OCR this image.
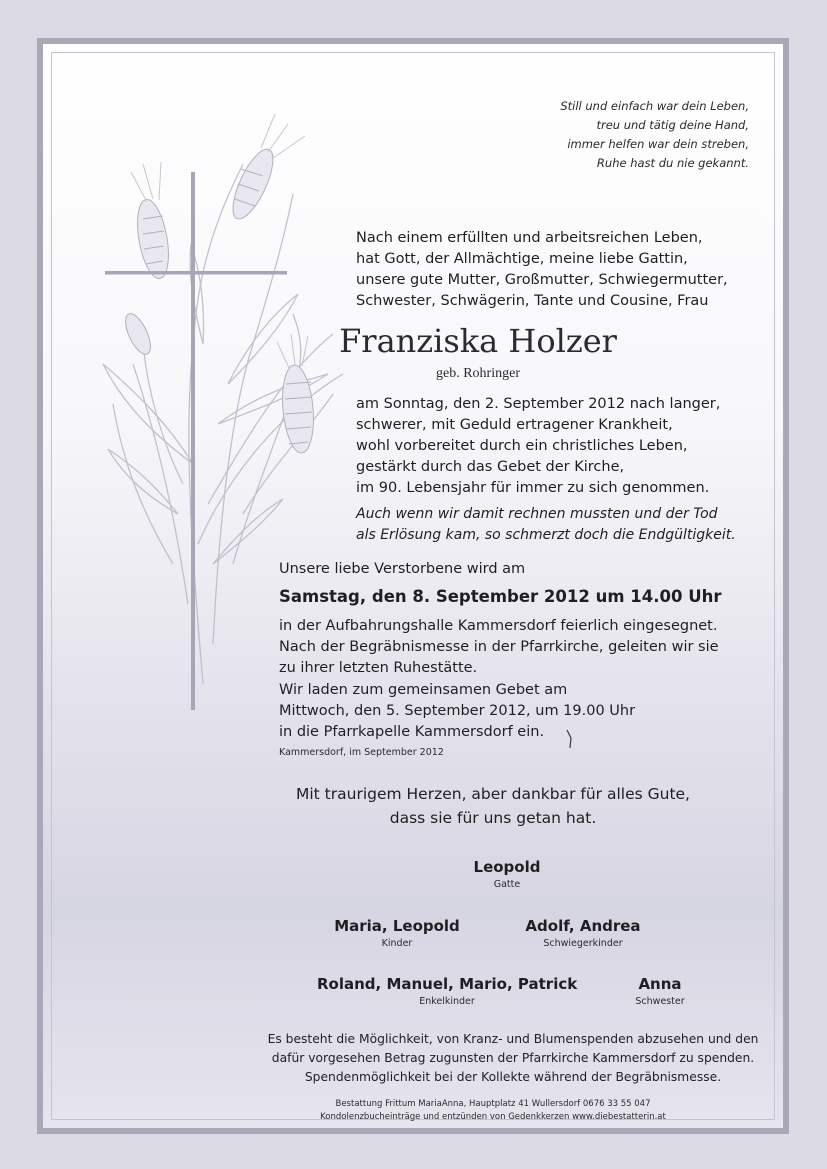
Still und einfach war dein Leben,
treu und tätig deine Hand,
immer helfen war dein streben,
Ruhe hast du nie gekannt.
Nach einem erfüllten und arbeitsreichen Leben,
hat Gott, der Allmächtige, meine liebe Gattin,
unsere gute Mutter, Großmutter, Schwiegermutter,
Schwester, Schwägerin, Tante und Cousine, Frau
Franziska Holzer
geb. Rohringer
am Sonntag, den 2. September 2012 nach langer,
schwerer, mit Geduld ertragener Krankheit,
wohl vorbereitet durch ein christliches Leben,
gestärkt durch das Gebet der Kirche,
im 90. Lebensjahr für immer zu sich genommen.
Auch wenn wir damit rechnen mussten und der Tod
als Erlösung kam, so schmerzt doch die Endgültigkeit.
Unsere liebe Verstorbene wird am
Samstag, den 8. September 2012 um 14.00 Uhr
in der Aufbahrungshalle Kammersdorf feierlich eingesegnet.
Nach der Begräbnismesse in der Pfarrkirche, geleiten wir sie
zu ihrer letzten Ruhestätte.
Wir laden zum gemeinsamen Gebet am
Mittwoch, den 5. September 2012, um 19.00 Uhr
in die Pfarrkapelle Kammersdorf ein.
Kammersdorf, im September 2012
Mit traurigem Herzen, aber dankbar für alles Gute,
dass sie für uns getan hat.
Leopold
Gatte
Maria, Leopold
Kinder
Adolf, Andrea
Schwiegerkinder
Roland, Manuel, Mario, Patrick
Enkelkinder
Anna
Schwester
Es besteht die Möglichkeit, von Kranz- und Blumenspenden abzusehen und den
dafür vorgesehen Betrag zugunsten der Pfarrkirche Kammersdorf zu spenden.
Spendenmöglichkeit bei der Kollekte während der Begräbnismesse.
Bestattung Frittum MariaAnna, Hauptplatz 41 Wullersdorf 0676 33 55 047
Kondolenzbucheinträge und entzünden von Gedenkkerzen www.diebestatterin.at
